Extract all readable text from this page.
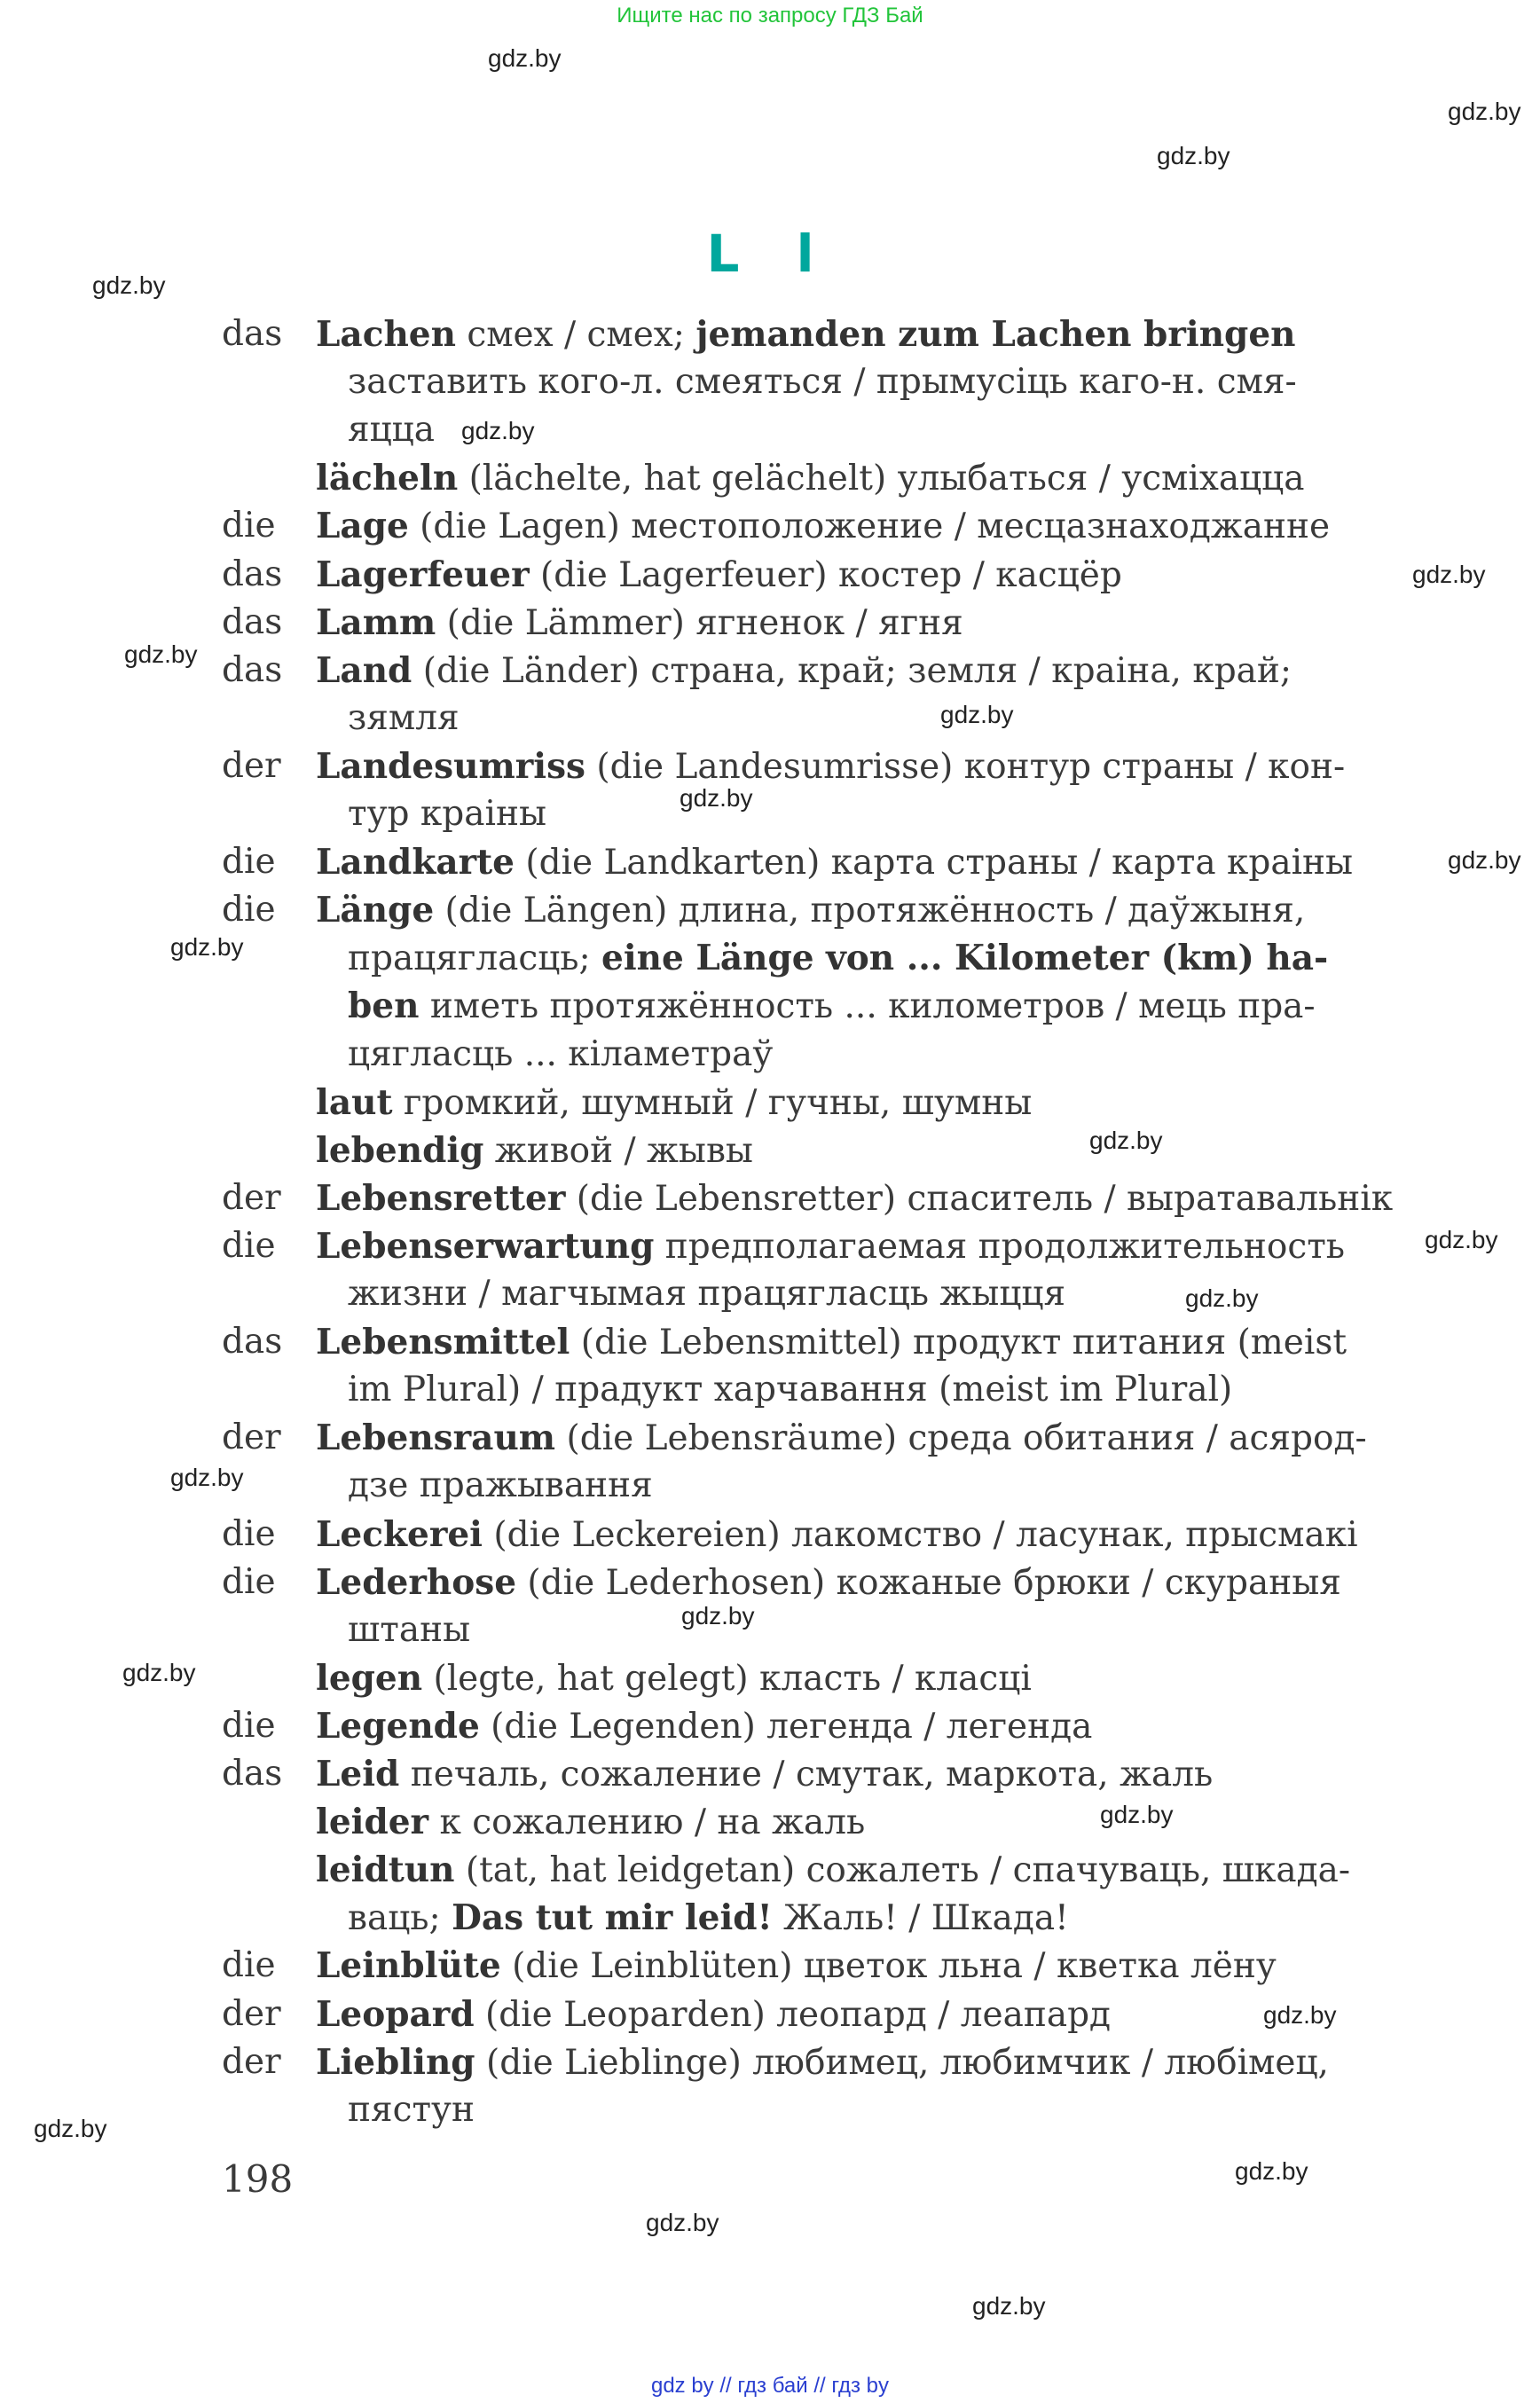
Ищите нас по запросу ГДЗ Бай
gdz.by
gdz.by
gdz.by
gdz.by
gdz.by
gdz.by
gdz.by
gdz.by
gdz.by
gdz.by
gdz.by
gdz.by
gdz.by
gdz.by
gdz.by
gdz.by
gdz.by
gdz.by
gdz.by
gdz.by
gdz.by
gdz.by
gdz.by
L l
das Lachen смех / смех; jemanden zum Lachen bringen
заставить кого-л. смеяться / прымусіць каго-н. смя-
яцца
lächeln (lächelte, hat gelächelt) улыбаться / усміхацца
die Lage (die Lagen) местоположение / месцазнаходжанне
das Lagerfeuer (die Lagerfeuer) костер / касцёр
das Lamm (die Lämmer) ягненок / ягня
das Land (die Länder) страна, край; земля / краіна, край;
зямля
der Landesumriss (die Landesumrisse) контур страны / кон-
тур краіны
die Landkarte (die Landkarten) карта страны / карта краіны
die Länge (die Längen) длина, протяжённость / даўжыня,
працягласць; eine Länge von ... Kilometer (km) ha-
ben иметь протяжённость ... километров / мець пра-
цягласць ... кіламетраў
laut громкий, шумный / гучны, шумны
lebendig живой / жывы
der Lebensretter (die Lebensretter) спаситель / выратавальнік
die Lebenserwartung предполагаемая продолжительность
жизни / магчымая працягласць жыцця
das Lebensmittel (die Lebensmittel) продукт питания (meist
im Plural) / прадукт харчавання (meist im Plural)
der Lebensraum (die Lebensräume) среда обитания / асярод-
дзе пражывання
die Leckerei (die Leckereien) лакомство / ласунак, прысмакі
die Lederhose (die Lederhosen) кожаные брюки / скураныя
штаны
legen (legte, hat gelegt) класть / класці
die Legende (die Legenden) легенда / легенда
das Leid печаль, сожаление / смутак, маркота, жаль
leider к сожалению / на жаль
leidtun (tat, hat leidgetan) сожалеть / спачуваць, шкада-
ваць; Das tut mir leid! Жаль! / Шкада!
die Leinblüte (die Leinblüten) цветок льна / кветка лёну
der Leopard (die Leoparden) леопард / леапард
der Liebling (die Lieblinge) любимец, любимчик / любімец,
пястун
198
gdz by // гдз бай // гдз by
